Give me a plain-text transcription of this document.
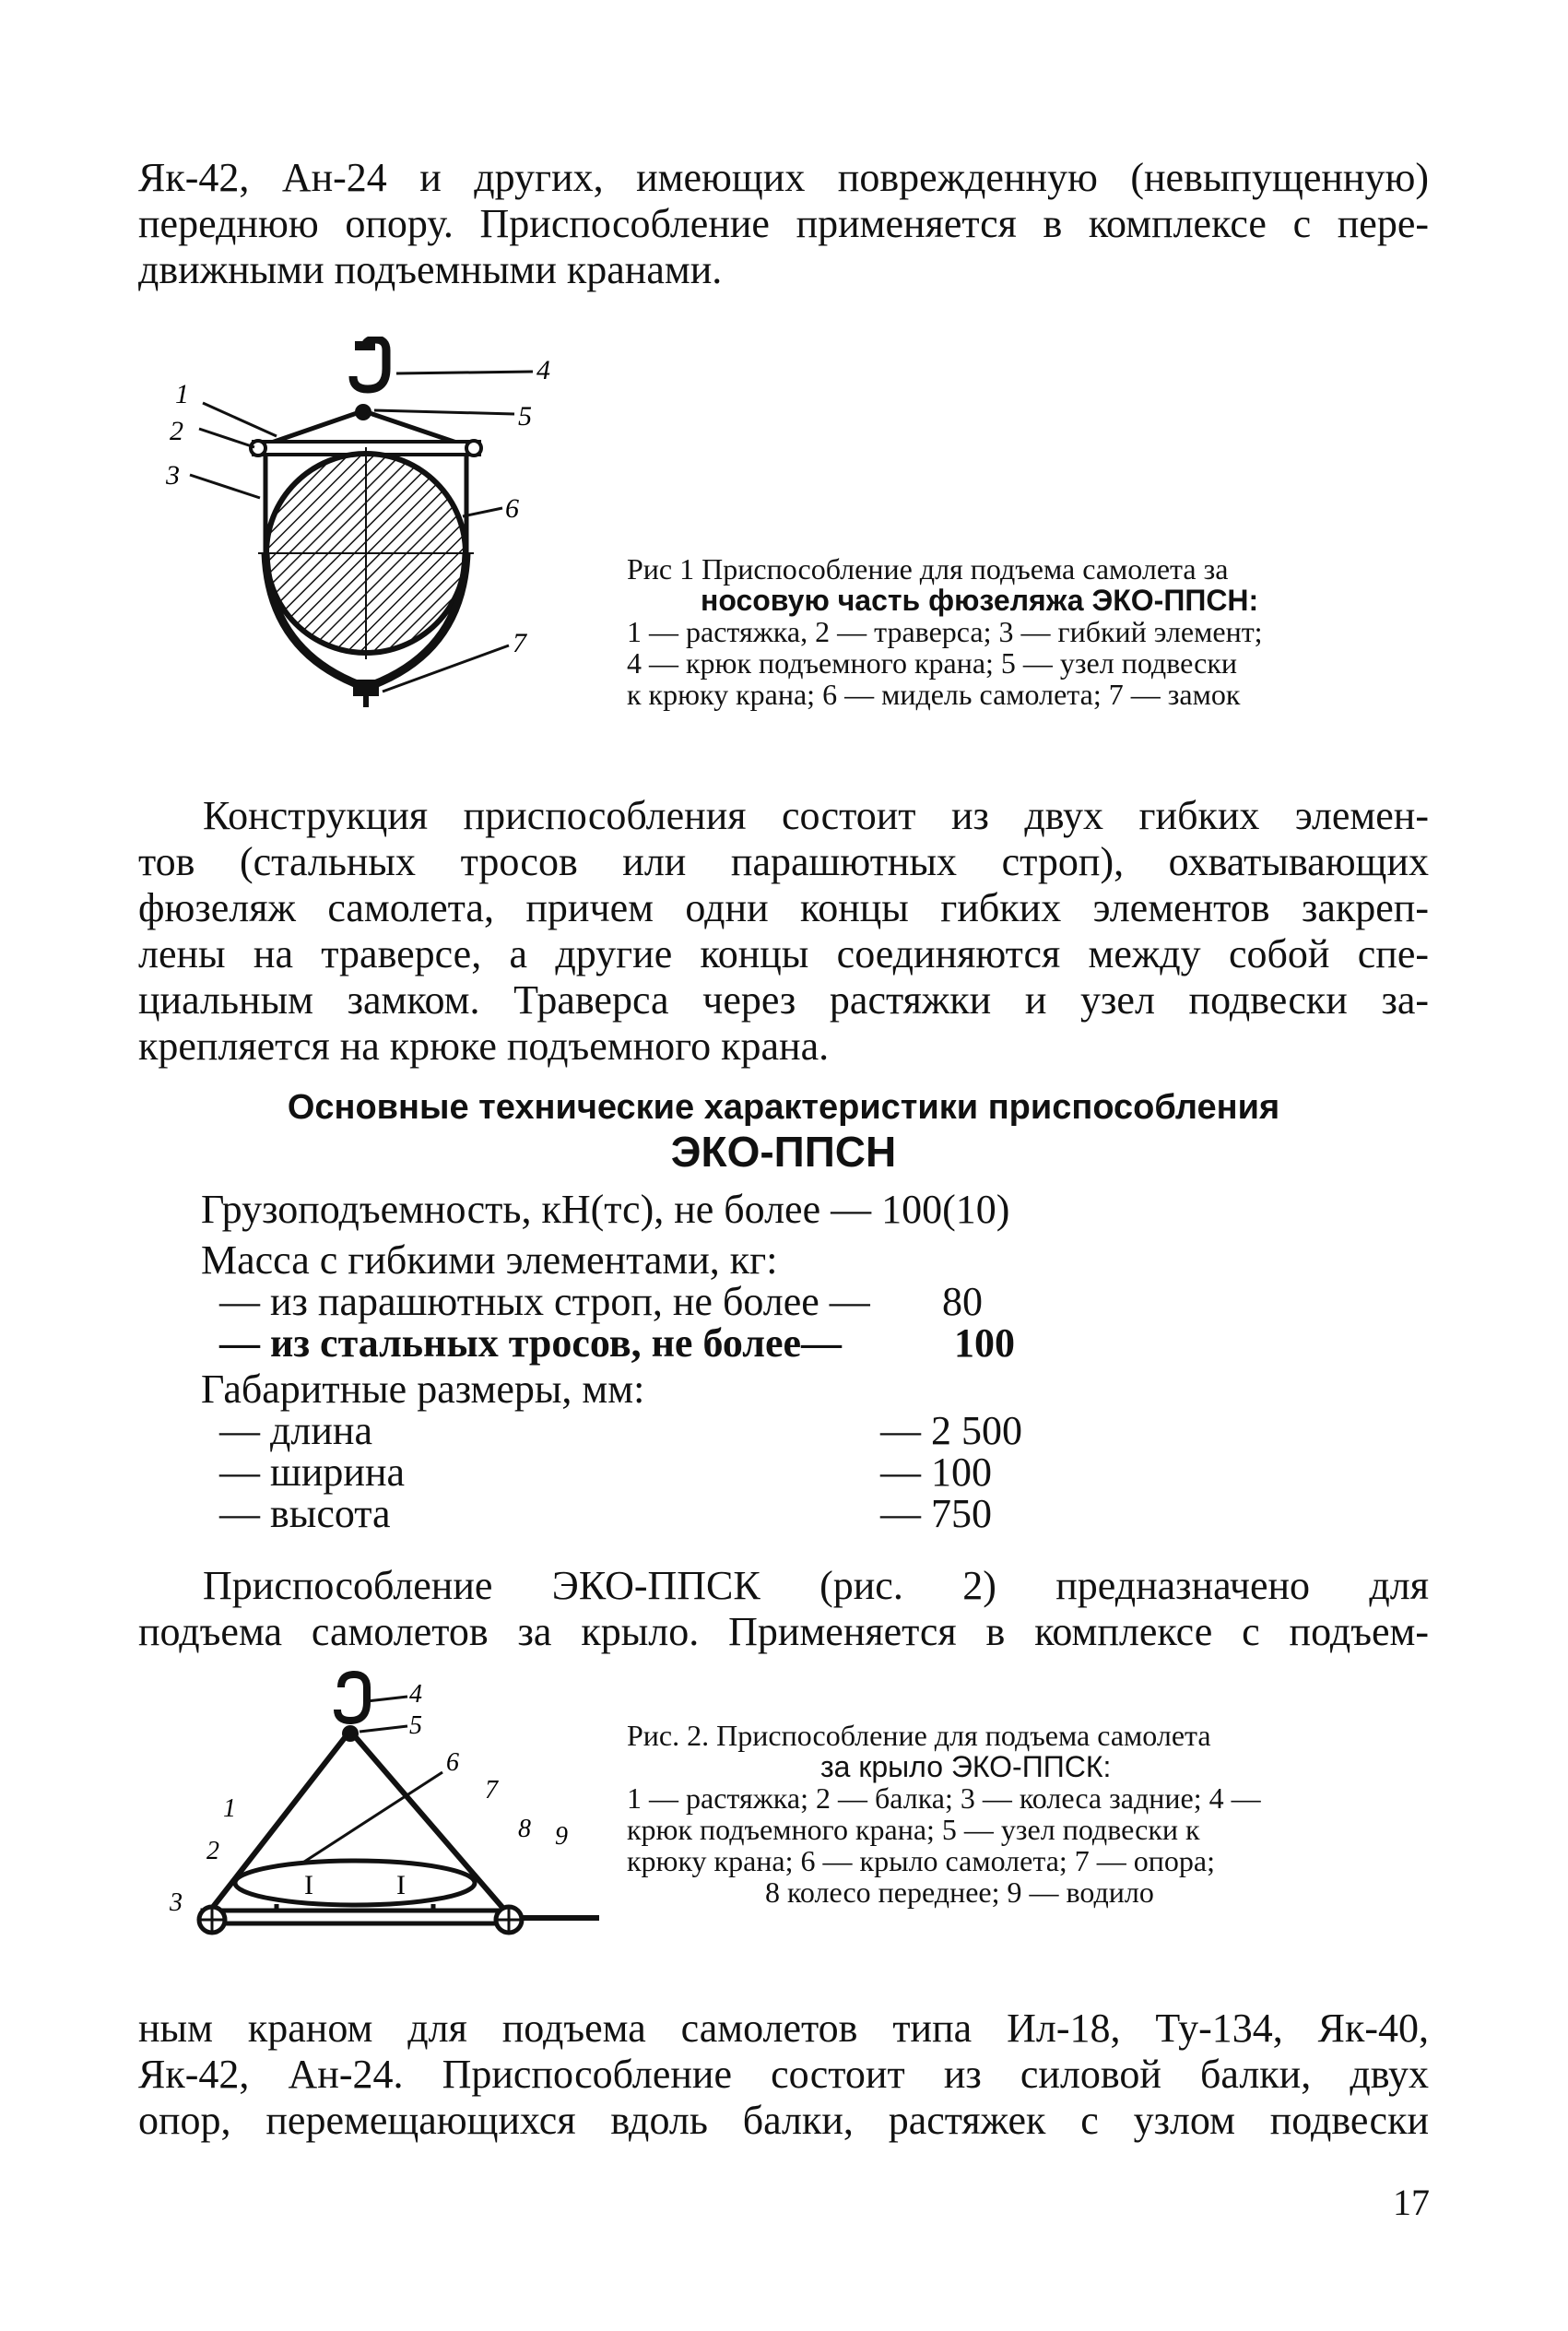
Як-42, Ан-24 и других, имеющих поврежденную (невыпущенную)

переднюю опору. Приспособление применяется в комплексе с пере-

движными подъемными кранами.

1
2
3
4
5
6
7
Рис 1 Приспособление для подъема самолета за
носовую часть фюзеляжа ЭКО-ППСН:
1 — растяжка, 2 — траверса; 3 — гибкий элемент;
4 — крюк подъемного крана; 5 — узел подвески
к крюку крана; 6 — мидель самолета; 7 — замок

Конструкция приспособления состоит из двух гибких элемен-

тов (стальных тросов или парашютных строп), охватывающих

фюзеляж самолета, причем одни концы гибких элементов закреп-

лены на траверсе, а другие концы соединяются между собой спе-

циальным замком. Траверса через растяжки и узел подвески за-

крепляется на крюке подъемного крана.

Основные технические характеристики приспособления

ЭКО-ППСН

Грузоподъемность, кН(тс), не более — 100(10)
Масса с гибкими элементами, кг:
— из парашютных строп, не более — 80
— из стальных тросов, не более—	100
Габаритные размеры, мм:
— длина	— 2 500
— ширина	— 100
— высота	— 750

Приспособление ЭКО-ППСК (рис. 2) предназначено для

подъема самолетов за крыло. Применяется в комплексе с подъем-

I	I
4
5
6
7
1
2
3
8 9
Рис. 2. Приспособление для подъема самолета
за крыло ЭКО-ППСК:
1 — растяжка; 2 — балка; 3 — колеса задние; 4 —
крюк подъемного крана; 5 — узел подвески к
крюку крана; 6 — крыло самолета; 7 — опора;
8 колесо переднее; 9 — водило

ным краном для подъема самолетов типа Ил-18, Ту-134, Як-40,

Як-42, Ан-24. Приспособление состоит из силовой балки, двух

опор, перемещающихся вдоль балки, растяжек с узлом подвески

17
